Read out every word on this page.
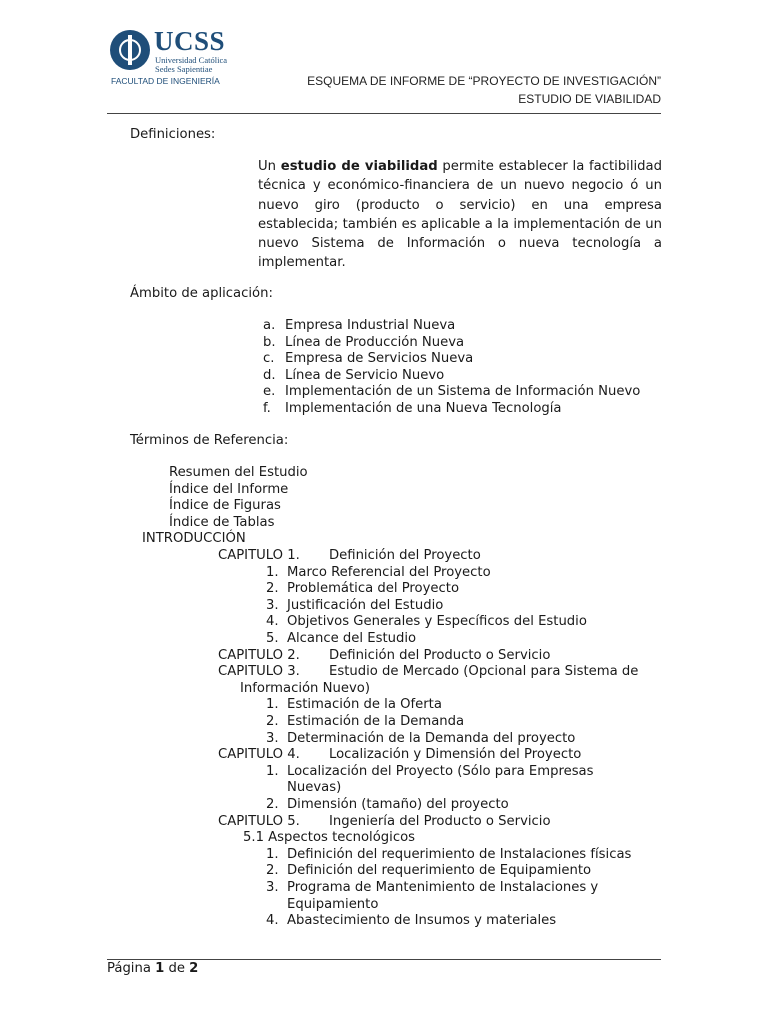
UCSS
Universidad Católica
Sedes Sapientiae
FACULTAD DE INGENIERÍA	ESQUEMA DE INFORME DE “PROYECTO DE INVESTIGACIÓN”
ESTUDIO DE VIABILIDAD
Definiciones:
Un estudio de viabilidad permite establecer la factibilidad técnica y económico-financiera de un nuevo negocio ó un nuevo giro (producto o servicio) en una empresa establecida; también es aplicable a la implementación de un nuevo Sistema de Información o nueva tecnología a implementar.
Ámbito de aplicación:
a. Empresa Industrial Nueva
b. Línea de Producción Nueva
c. Empresa de Servicios Nueva
d. Línea de Servicio Nuevo
e. Implementación de un Sistema de Información Nuevo
f. Implementación de una Nueva Tecnología
Términos de Referencia:
Resumen del Estudio
Índice del Informe
Índice de Figuras
Índice de Tablas
INTRODUCCIÓN
CAPITULO 1. Definición del Proyecto
1. Marco Referencial del Proyecto
2. Problemática del Proyecto
3. Justificación del Estudio
4. Objetivos Generales y Específicos del Estudio
5. Alcance del Estudio
CAPITULO 2. Definición del Producto o Servicio
CAPITULO 3. Estudio de Mercado (Opcional para Sistema de
Información Nuevo)
1. Estimación de la Oferta
2. Estimación de la Demanda
3. Determinación de la Demanda del proyecto
CAPITULO 4. Localización y Dimensión del Proyecto
1. Localización del Proyecto (Sólo para Empresas
Nuevas)
2. Dimensión (tamaño) del proyecto
CAPITULO 5. Ingeniería del Producto o Servicio
5.1 Aspectos tecnológicos
1. Definición del requerimiento de Instalaciones físicas
2. Definición del requerimiento de Equipamiento
3. Programa de Mantenimiento de Instalaciones y
Equipamiento
4. Abastecimiento de Insumos y materiales
Página 1 de 2
